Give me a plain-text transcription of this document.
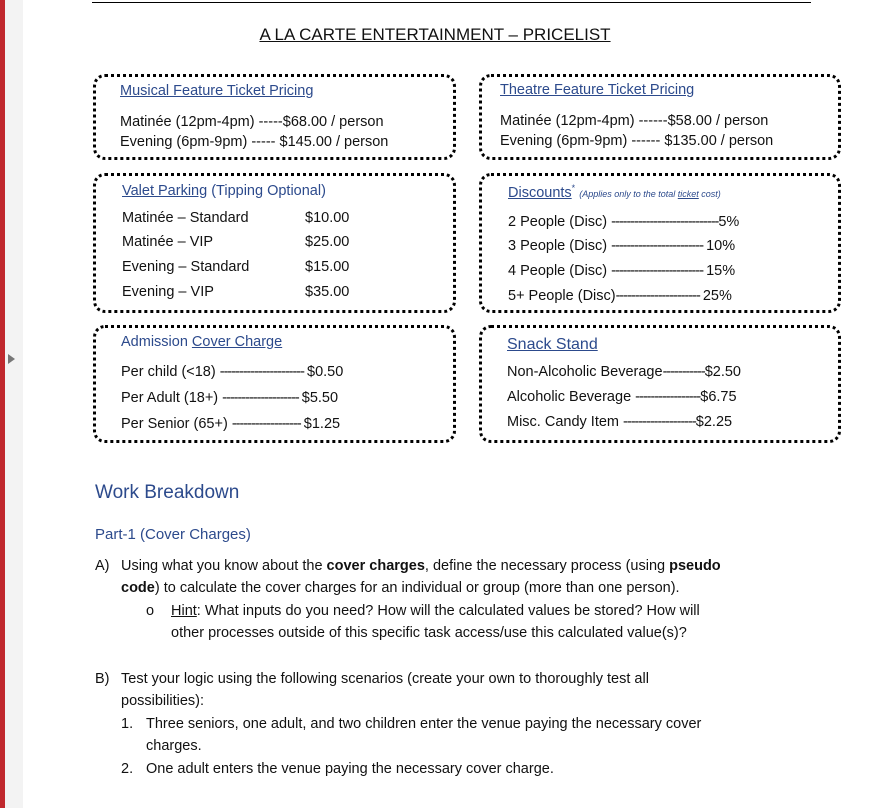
A LA CARTE ENTERTAINMENT – PRICELIST
Musical Feature Ticket Pricing
Matinée (12pm-4pm) -----$68.00 / person
Evening (6pm-9pm) ----- $145.00 / person
Theatre Feature Ticket Pricing
Matinée (12pm-4pm) ------$58.00 / person
Evening (6pm-9pm) ------ $135.00 / person
Valet Parking (Tipping Optional)
Matinée – Standard	$10.00
Matinée – VIP	$25.00
Evening – Standard	$15.00
Evening – VIP	$35.00
Discounts* (Applies only to the total ticket cost)
2 People (Disc) ----------------------------5%
3 People (Disc) ------------------------ 10%
4 People (Disc) ------------------------ 15%
5+ People (Disc)---------------------- 25%
Admission Cover Charge
Per child (<18) ---------------------- $0.50
Per Adult (18+) -------------------- $5.50
Per Senior (65+) ------------------ $1.25
Snack Stand
Non-Alcoholic Beverage-----------$2.50
Alcoholic Beverage -----------------$6.75
Misc. Candy Item -------------------$2.25
Work Breakdown
Part-1 (Cover Charges)
A) Using what you know about the cover charges, define the necessary process (using pseudo
code) to calculate the cover charges for an individual or group (more than one person).
o Hint: What inputs do you need? How will the calculated values be stored? How will
other processes outside of this specific task access/use this calculated value(s)?
B) Test your logic using the following scenarios (create your own to thoroughly test all
possibilities):
1. Three seniors, one adult, and two children enter the venue paying the necessary cover
charges.
2. One adult enters the venue paying the necessary cover charge.
